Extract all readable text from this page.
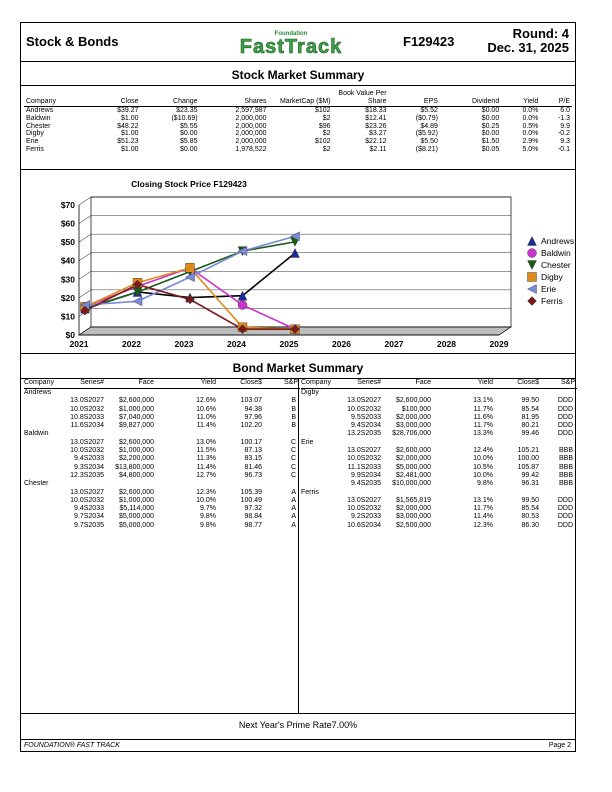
Stock & Bonds	Foundation
FastTrack	F129423
Round: 4
Dec. 31, 2025
Stock Market Summary
Company	Close	Change	Shares	MarketCap ($M)	Book Value Per Share	EPS	Dividend	Yield	P/E
Andrews	$39.27	$23.35	2,597,987	$102	$18.33	$5.52	$0.00	0.0%	6.0
Baldwin	$1.00	($10.69)	2,000,000	$2	$12.41	($0.79)	$0.00	0.0%	-1.3
Chester	$48.22	$5.55	2,000,000	$96	$23.26	$4.89	$0.25	0.5%	9.9
Digby	$1.00	$0.00	2,000,000	$2	$3.27	($5.92)	$0.00	0.0%	-0.2
Erie	$51.23	$5.85	2,000,000	$102	$22.12	$5.50	$1.50	2.9%	9.3
Ferris	$1.00	$0.00	1,978,522	$2	$2.11	($8.21)	$0.05	5.0%	-0.1
Closing Stock Price F129423
$0
$10
$20
$30
$40
$50
$60
$70
2021	2022	2023	2024	2025	2026	2027	2028	2029
Andrews
Baldwin
Chester
Digby
Erie
Ferris
Bond Market Summary
Company	Series#	Face	Yield	Close$	S&P
Andrews
13.0S2027 $2,600,000	12.6%	103.07	B
10.0S2032 $1,000,000	10.6%	94.38	B
10.8S2033 $7,040,000	11.0%	97.96	B
11.6S2034 $9,827,000	11.4%	102.20	B
Baldwin
13.0S2027 $2,600,000	13.0%	100.17	C
10.0S2032 $1,000,000	11.5%	87.13	C
9.4S2033 $2,200,000	11.3%	83.15	C
9.3S2034 $13,800,000	11.4%	81.46	C
12.3S2035 $4,800,000	12.7%	96.73	C
Chester
13.0S2027 $2,600,000	12.3%	105.39	A
10.0S2032 $1,000,000	10.0%	100.49	A
9.4S2033 $5,114,000	9.7%	97.32	A
9.7S2034 $5,000,000	9.8%	98.84	A
9.7S2035 $5,000,000	9.8%	98.77	A
Company	Series#	Face	Yield	Close$	S&P
Digby
13.0S2027 $2,600,000	13.1%	99.50	DDD
10.0S2032	$100,000	11.7%	85.54	DDD
9.5S2033 $2,000,000	11.6%	81.95	DDD
9.4S2034 $3,000,000	11.7%	80.21	DDD
13.2S2035 $28,706,000	13.3%	99.46	DDD
Erie
13.0S2027 $2,600,000	12.4%	105.21	BBB
10.0S2032 $2,000,000	10.0%	100.00	BBB
11.1S2033 $5,000,000	10.5%	105.87	BBB
9.9S2034 $2,481,000	10.0%	99.42	BBB
9.4S2035 $10,000,000	9.8%	96.31	BBB
Ferris
13.0S2027 $1,565,819	13.1%	99.50	DDD
10.0S2032 $2,000,000	11.7%	85.54	DDD
9.2S2033 $3,000,000	11.4%	80.53	DDD
10.6S2034 $2,500,000	12.3%	86.30	DDD
Next Year's Prime Rate7.00%
FOUNDATION® FAST TRACK	Page 2
